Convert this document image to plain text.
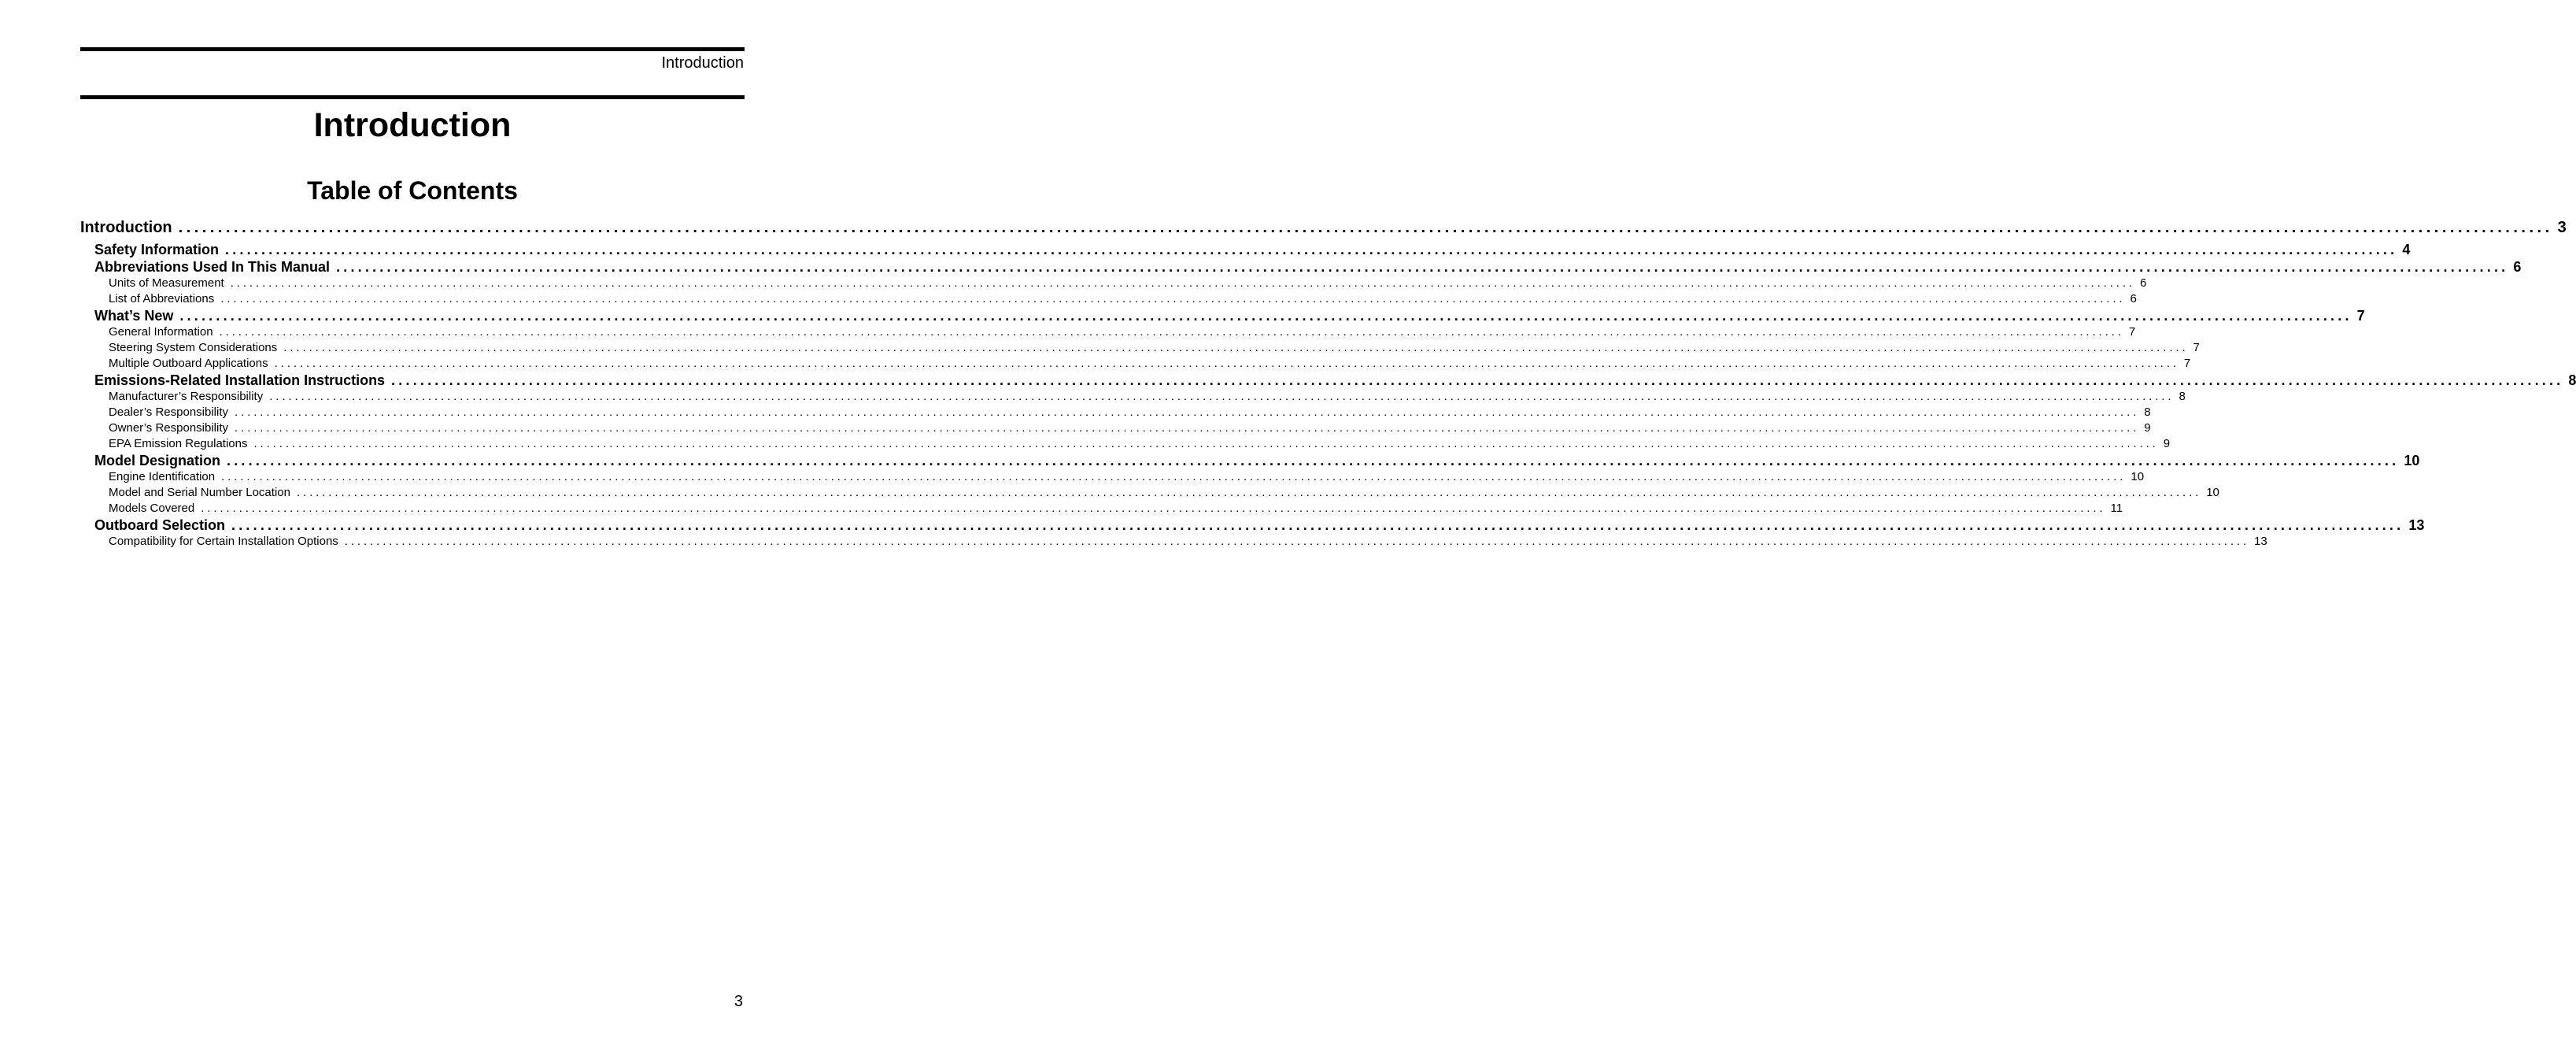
Introduction
Introduction
Table of Contents
Introduction ............................................................................................................................................................................................................................................................................................................ 3
Safety Information ............................................................................................................................................................................................................................................................................................................ 4
Abbreviations Used In This Manual ............................................................................................................................................................................................................................................................................................................ 6
Units of Measurement ............................................................................................................................................................................................................................................................................................................ 6
List of Abbreviations ............................................................................................................................................................................................................................................................................................................ 6
What’s New ............................................................................................................................................................................................................................................................................................................ 7
General Information ............................................................................................................................................................................................................................................................................................................ 7
Steering System Considerations ............................................................................................................................................................................................................................................................................................................ 7
Multiple Outboard Applications ............................................................................................................................................................................................................................................................................................................ 7
Emissions-Related Installation Instructions ............................................................................................................................................................................................................................................................................................................ 8
Manufacturer’s Responsibility ............................................................................................................................................................................................................................................................................................................ 8
Dealer’s Responsibility ............................................................................................................................................................................................................................................................................................................ 8
Owner’s Responsibility ............................................................................................................................................................................................................................................................................................................ 9
EPA Emission Regulations ............................................................................................................................................................................................................................................................................................................ 9
Model Designation ............................................................................................................................................................................................................................................................................................................ 10
Engine Identification ............................................................................................................................................................................................................................................................................................................ 10
Model and Serial Number Location ............................................................................................................................................................................................................................................................................................................ 10
Models Covered ............................................................................................................................................................................................................................................................................................................ 11
Outboard Selection ............................................................................................................................................................................................................................................................................................................ 13
Compatibility for Certain Installation Options ............................................................................................................................................................................................................................................................................................................ 13
3
